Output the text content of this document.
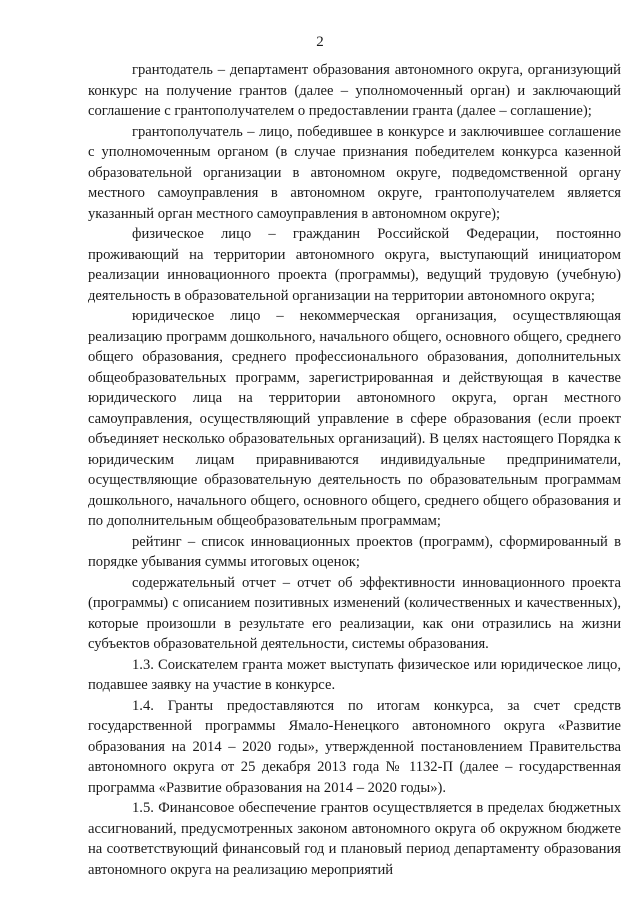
2

грантодатель – департамент образования автономного округа, организующий конкурс на получение грантов (далее – уполномоченный орган) и заключающий соглашение с грантополучателем о предоставлении гранта (далее – соглашение);

грантополучатель – лицо, победившее в конкурсе и заключившее соглашение с уполномоченным органом (в случае признания победителем конкурса казенной образовательной организации в автономном округе, подведомственной органу местного самоуправления в автономном округе, грантополучателем является указанный орган местного самоуправления в автономном округе);

физическое лицо – гражданин Российской Федерации, постоянно проживающий на территории автономного округа, выступающий инициатором реализации инновационного проекта (программы), ведущий трудовую (учебную) деятельность в образовательной организации на территории автономного округа;

юридическое лицо – некоммерческая организация, осуществляющая реализацию программ дошкольного, начального общего, основного общего, среднего общего образования, среднего профессионального образования, дополнительных общеобразовательных программ, зарегистрированная и действующая в качестве юридического лица на территории автономного округа, орган местного самоуправления, осуществляющий управление в сфере образования (если проект объединяет несколько образовательных организаций). В целях настоящего Порядка к юридическим лицам приравниваются индивидуальные предприниматели, осуществляющие образовательную деятельность по образовательным программам дошкольного, начального общего, основного общего, среднего общего образования и по дополнительным общеобразовательным программам;

рейтинг – список инновационных проектов (программ), сформированный в порядке убывания суммы итоговых оценок;

содержательный отчет – отчет об эффективности инновационного проекта (программы) с описанием позитивных изменений (количественных и качественных), которые произошли в результате его реализации, как они отразились на жизни субъектов образовательной деятельности, системы образования.

1.3. Соискателем гранта может выступать физическое или юридическое лицо, подавшее заявку на участие в конкурсе.

1.4. Гранты предоставляются по итогам конкурса, за счет средств государственной программы Ямало-Ненецкого автономного округа «Развитие образования на 2014 – 2020 годы», утвержденной постановлением Правительства автономного округа от 25 декабря 2013 года № 1132-П (далее – государственная программа «Развитие образования на 2014 – 2020 годы»).

1.5. Финансовое обеспечение грантов осуществляется в пределах бюджетных ассигнований, предусмотренных законом автономного округа об окружном бюджете на соответствующий финансовый год и плановый период департаменту образования автономного округа на реализацию мероприятий
